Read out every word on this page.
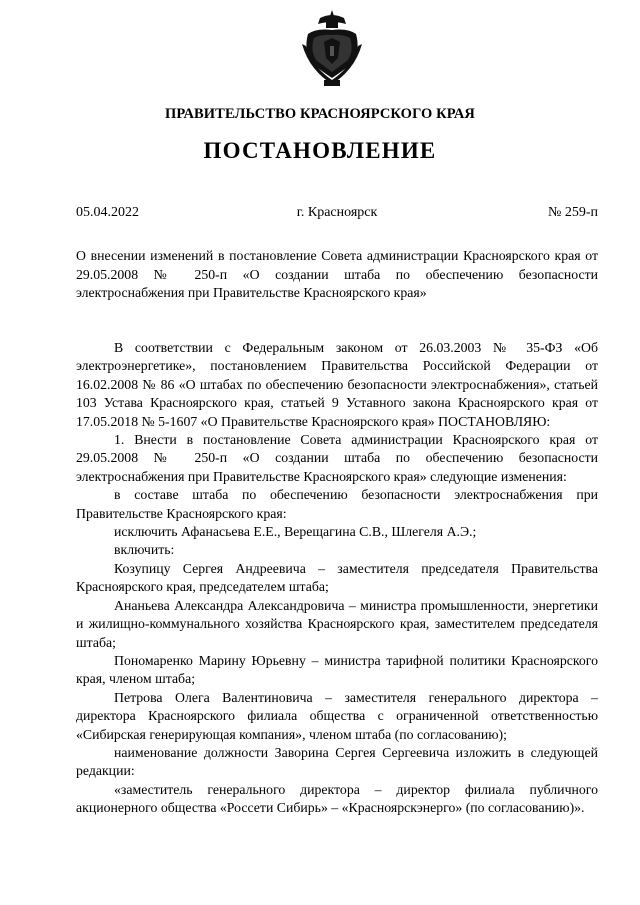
ПРАВИТЕЛЬСТВО КРАСНОЯРСКОГО КРАЯ
ПОСТАНОВЛЕНИЕ
05.04.2022	г. Красноярск	№ 259-п
О внесении изменений в постановление Совета администрации Красноярского края от 29.05.2008 № 250-п «О создании штаба по обеспечению безопасности электроснабжения при Правительстве Красноярского края»

В соответствии с Федеральным законом от 26.03.2003 № 35-ФЗ «Об электроэнергетике», постановлением Правительства Российской Федерации от 16.02.2008 № 86 «О штабах по обеспечению безопасности электроснабжения», статьей 103 Устава Красноярского края, статьей 9 Уставного закона Красноярского края от 17.05.2018 № 5-1607 «О Правительстве Красноярского края» ПОСТАНОВЛЯЮ:

1. Внести в постановление Совета администрации Красноярского края от 29.05.2008 № 250-п «О создании штаба по обеспечению безопасности электроснабжения при Правительстве Красноярского края» следующие изменения:

в составе штаба по обеспечению безопасности электроснабжения при Правительстве Красноярского края:

исключить Афанасьева Е.Е., Верещагина С.В., Шлегеля А.Э.;

включить:

Козупицу Сергея Андреевича – заместителя председателя Правительства Красноярского края, председателем штаба;

Ананьева Александра Александровича – министра промышленности, энергетики и жилищно-коммунального хозяйства Красноярского края, заместителем председателя штаба;

Пономаренко Марину Юрьевну – министра тарифной политики Красноярского края, членом штаба;

Петрова Олега Валентиновича – заместителя генерального директора – директора Красноярского филиала общества с ограниченной ответственностью «Сибирская генерирующая компания», членом штаба (по согласованию);

наименование должности Заворина Сергея Сергеевича изложить в следующей редакции:

«заместитель генерального директора – директор филиала публичного акционерного общества «Россети Сибирь» – «Красноярскэнерго» (по согласованию)».
